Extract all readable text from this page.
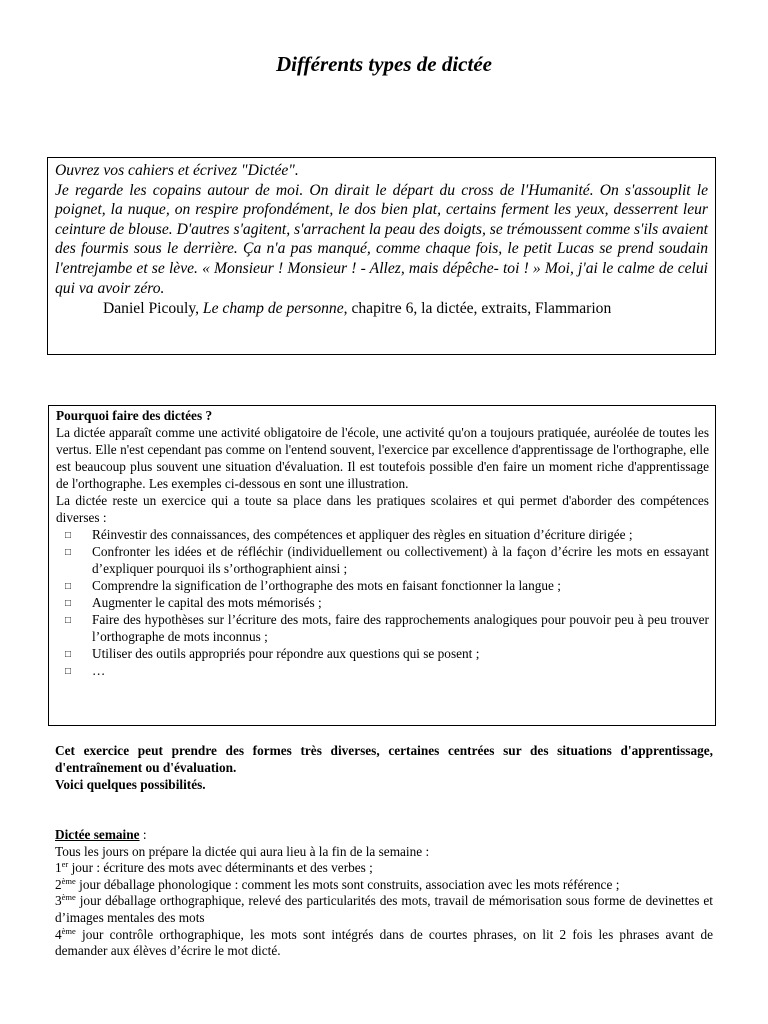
Différents types de dictée
Ouvrez vos cahiers et écrivez "Dictée".
Je regarde les copains autour de moi. On dirait le départ du cross de l'Humanité. On s'assouplit le poignet, la nuque, on respire profondément, le dos bien plat, certains ferment les yeux, desserrent leur ceinture de blouse. D'autres s'agitent, s'arrachent la peau des doigts, se trémoussent comme s'ils avaient des fourmis sous le derrière. Ça n'a pas manqué, comme chaque fois, le petit Lucas se prend soudain l'entrejambe et se lève. « Monsieur ! Monsieur ! - Allez, mais dépêche- toi ! » Moi, j'ai le calme de celui qui va avoir zéro.
Daniel Picouly, Le champ de personne, chapitre 6, la dictée, extraits, Flammarion
Pourquoi faire des dictées ?

La dictée apparaît comme une activité obligatoire de l'école, une activité qu'on a toujours pratiquée, auréolée de toutes les vertus. Elle n'est cependant pas comme on l'entend souvent, l'exercice par excellence d'apprentissage de l'orthographe, elle est beaucoup plus souvent une situation d'évaluation. Il est toutefois possible d'en faire un moment riche d'apprentissage de l'orthographe. Les exemples ci-dessous en sont une illustration.

La dictée reste un exercice qui a toute sa place dans les pratiques scolaires et qui permet d'aborder des compétences diverses :

□ Réinvestir des connaissances, des compétences et appliquer des règles en situation d’écriture dirigée ;
□ Confronter les idées et de réfléchir (individuellement ou collectivement) à la façon d’écrire les mots en essayant d’expliquer pourquoi ils s’orthographient ainsi ;
□ Comprendre la signification de l’orthographe des mots en faisant fonctionner la langue ;
□ Augmenter le capital des mots mémorisés ;
□ Faire des hypothèses sur l’écriture des mots, faire des rapprochements analogiques pour pouvoir peu à peu trouver l’orthographe de mots inconnus ;
□ Utiliser des outils appropriés pour répondre aux questions qui se posent ;
□ …
Cet exercice peut prendre des formes très diverses, certaines centrées sur des situations d'apprentissage, d'entraînement ou d'évaluation.
Voici quelques possibilités.
Dictée semaine :
Tous les jours on prépare la dictée qui aura lieu à la fin de la semaine :
1er jour : écriture des mots avec déterminants et des verbes ;
2ème jour déballage phonologique : comment les mots sont construits, association avec les mots référence ;
3ème jour déballage orthographique, relevé des particularités des mots, travail de mémorisation sous forme de devinettes et d’images mentales des mots
4ème jour contrôle orthographique, les mots sont intégrés dans de courtes phrases, on lit 2 fois les phrases avant de demander aux élèves d’écrire le mot dicté.
